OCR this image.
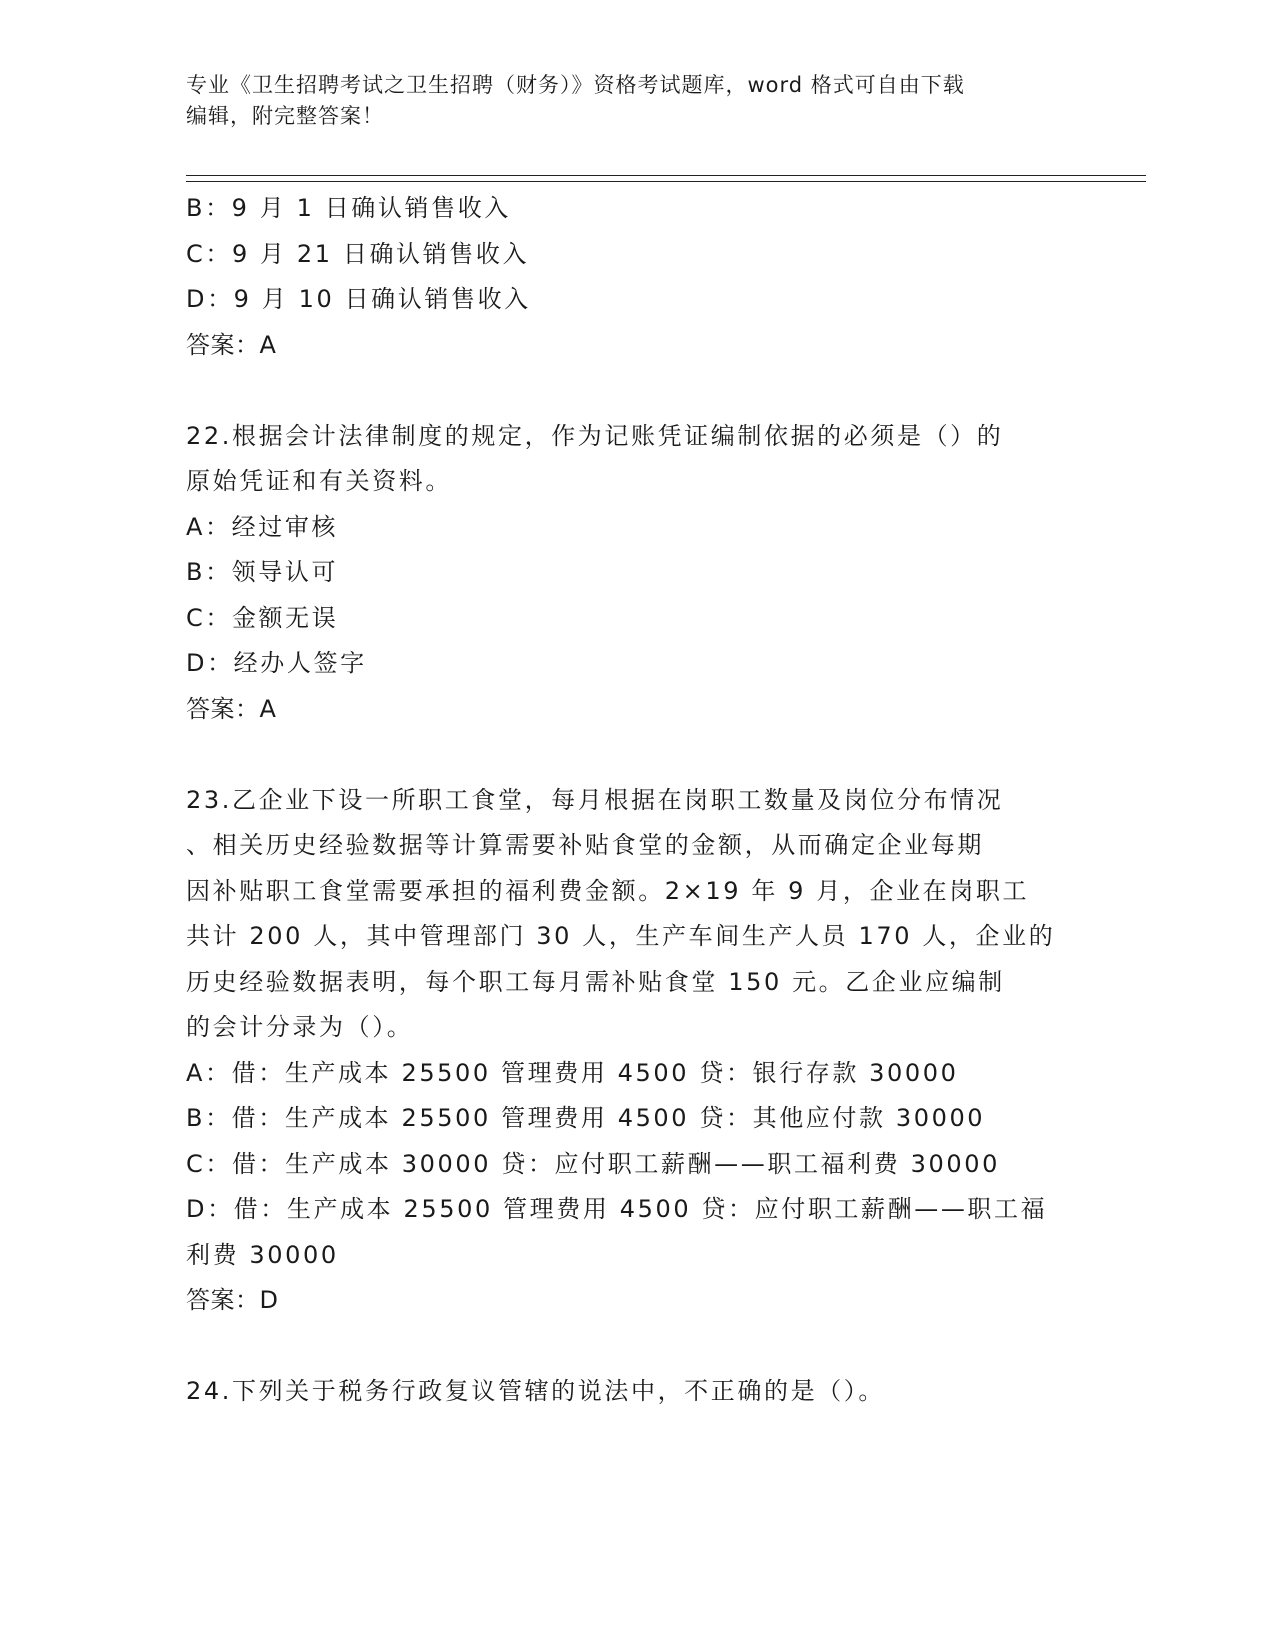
专业《卫生招聘考试之卫生招聘（财务）》资格考试题库，word 格式可自由下载
编辑，附完整答案！
B：9 月 1 日确认销售收入
C：9 月 21 日确认销售收入
D：9 月 10 日确认销售收入
答案：A
22.根据会计法律制度的规定，作为记账凭证编制依据的必须是（）的
原始凭证和有关资料。
A：经过审核
B：领导认可
C：金额无误
D：经办人签字
答案：A
23.乙企业下设一所职工食堂，每月根据在岗职工数量及岗位分布情况
、相关历史经验数据等计算需要补贴食堂的金额，从而确定企业每期
因补贴职工食堂需要承担的福利费金额。2×19 年 9 月，企业在岗职工
共计 200 人，其中管理部门 30 人，生产车间生产人员 170 人，企业的
历史经验数据表明，每个职工每月需补贴食堂 150 元。乙企业应编制
的会计分录为（）。
A：借：生产成本 25500 管理费用 4500 贷：银行存款 30000
B：借：生产成本 25500 管理费用 4500 贷：其他应付款 30000
C：借：生产成本 30000 贷：应付职工薪酬——职工福利费 30000
D：借：生产成本 25500 管理费用 4500 贷：应付职工薪酬——职工福
利费 30000
答案：D
24.下列关于税务行政复议管辖的说法中，不正确的是（）。
